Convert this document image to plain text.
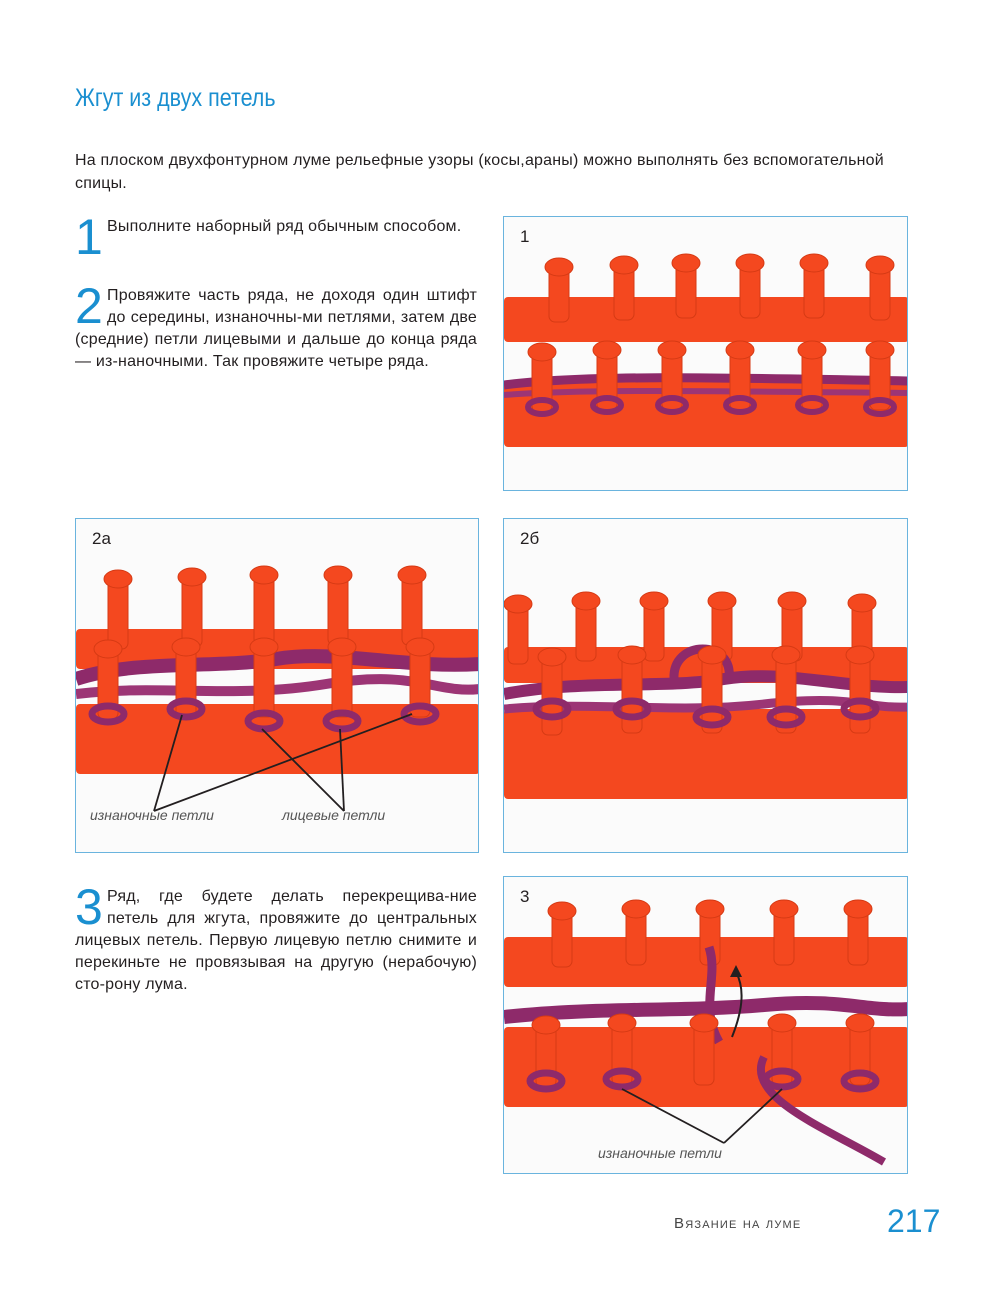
Жгут из двух петель

На плоском двухфонтурном луме рельефные узоры (косы,араны) можно выполнять без вспомогательной спицы.

1 Выполните наборный ряд обычным способом.

2 Провяжите часть ряда, не доходя один штифт до середины, изнаночны-ми петлями, затем две (средние) петли лицевыми и дальше до конца ряда — из-наночными. Так провяжите четыре ряда.

3 Ряд, где будете делать перекрещива-ние петель для жгута, провяжите до центральных лицевых петель. Первую лицевую петлю снимите и перекиньте не провязывая на другую (нерабочую) сто-рону лума.

1
2a
изнаночные петли	лицевые петли
2б
3
изнаночные петли
Вязание на луме	217
